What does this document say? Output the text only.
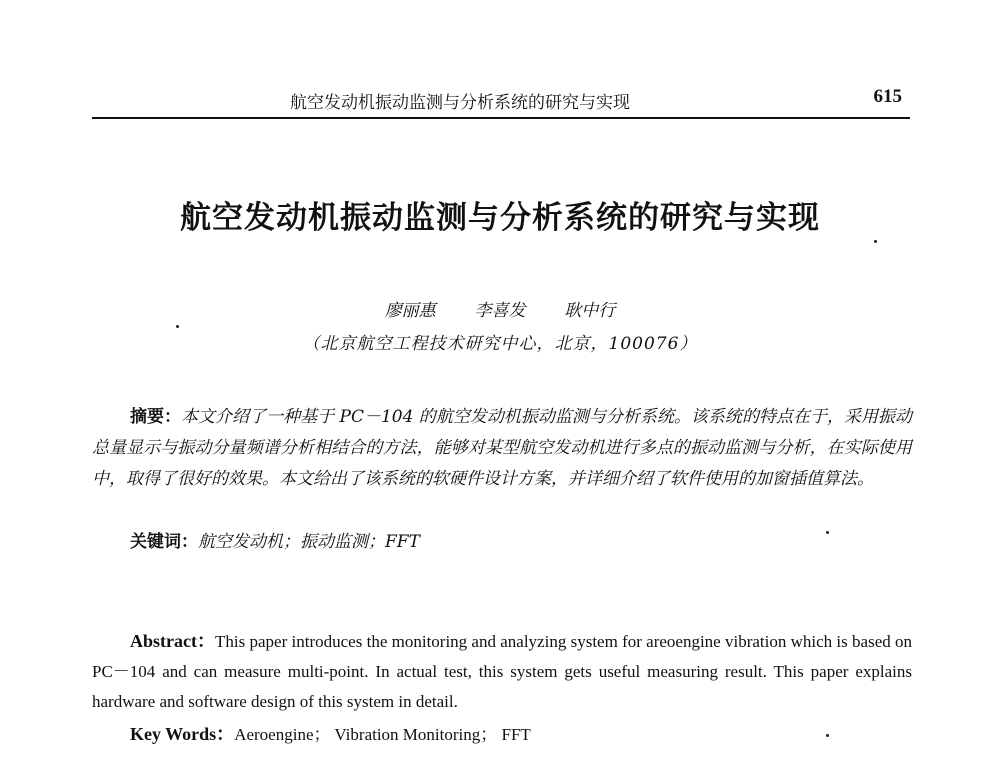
航空发动机振动监测与分析系统的研究与实现	615
航空发动机振动监测与分析系统的研究与实现
廖丽惠  李喜发  耿中行
（北京航空工程技术研究中心，北京，100076）

摘要：本文介绍了一种基于 PC－104 的航空发动机振动监测与分析系统。该系统的特点在于，采用振动总量显示与振动分量频谱分析相结合的方法，能够对某型航空发动机进行多点的振动监测与分析，在实际使用中，取得了很好的效果。本文给出了该系统的软硬件设计方案，并详细介绍了软件使用的加窗插值算法。

关键词：航空发动机；振动监测；FFT

Abstract：This paper introduces the monitoring and analyzing system for areoengine vibration which is based on PC－104 and can measure multi-point. In actual test, this system gets useful measuring result. This paper explains hardware and software design of this system in detail.

Key Words：Aeroengine； Vibration Monitoring； FFT
